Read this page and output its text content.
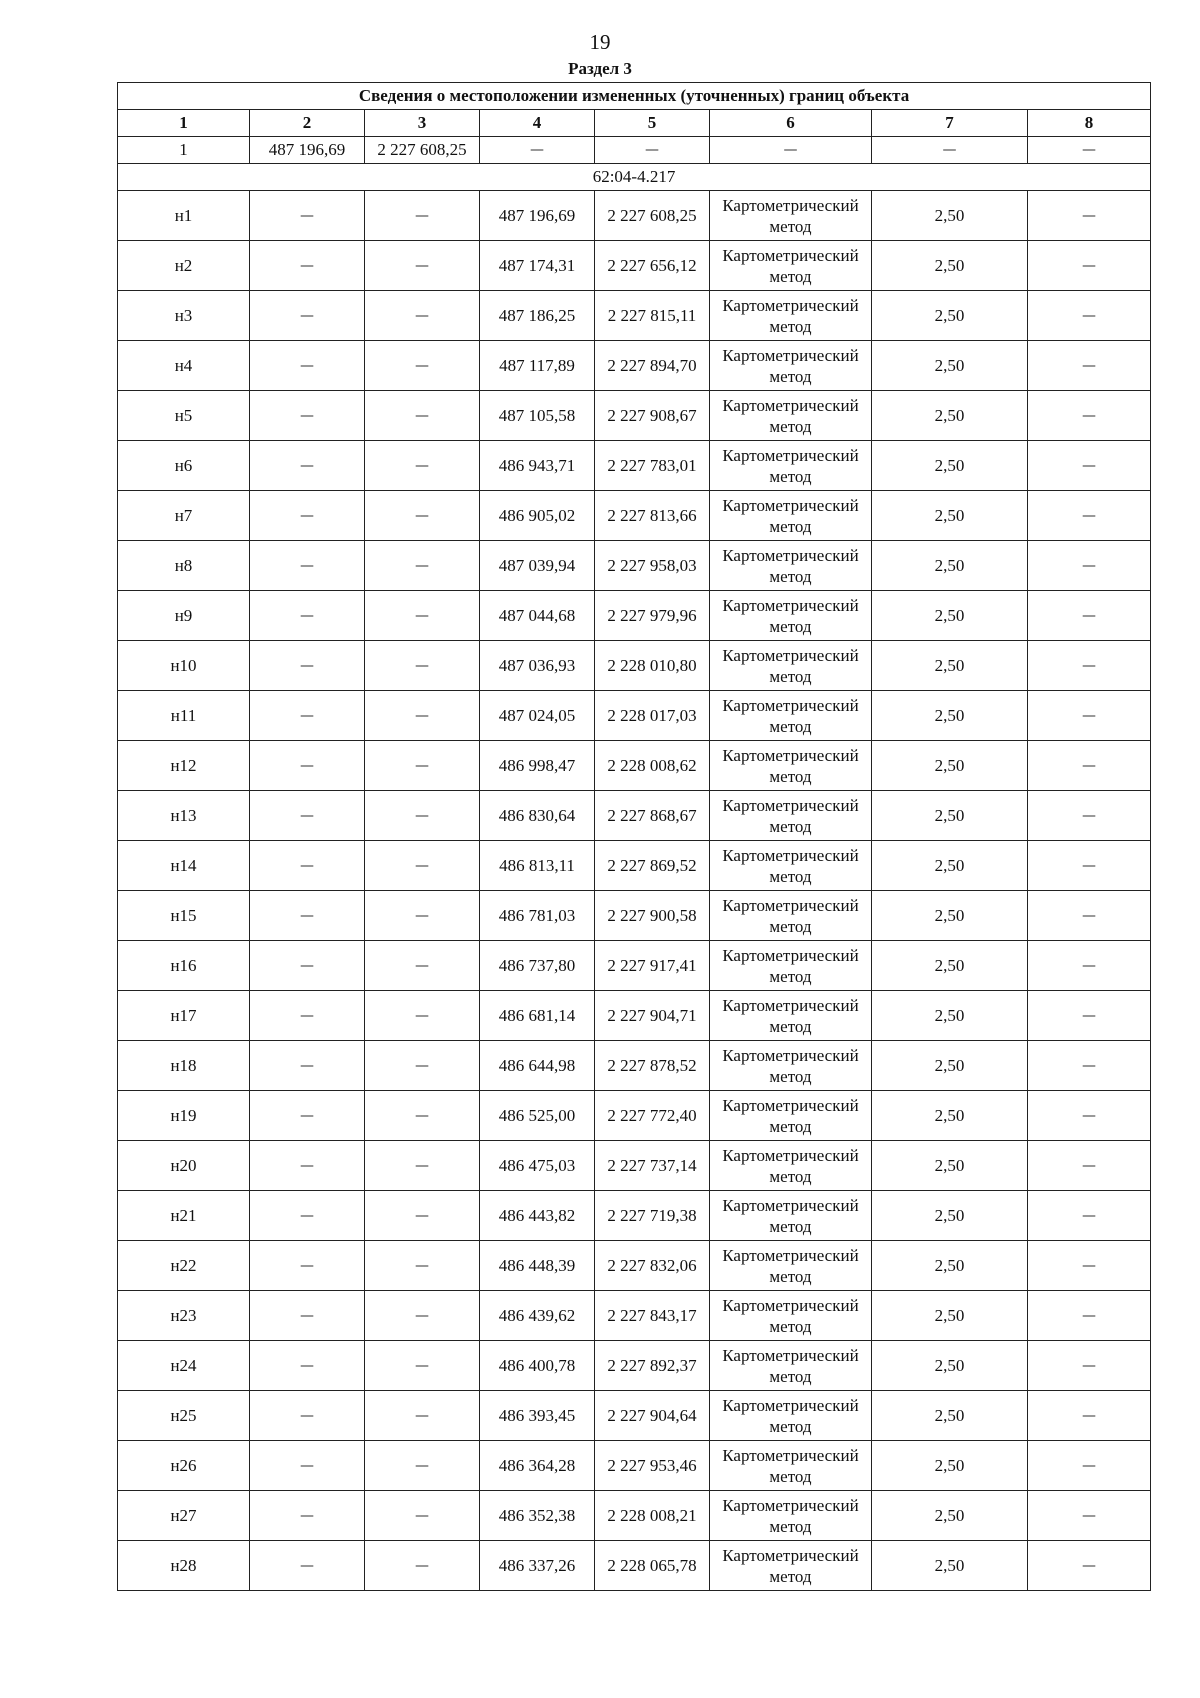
19
Раздел 3
Сведения о местоположении измененных (уточненных) границ объекта							
1	2	3	4	5	6	7	8
1	487 196,69	2 227 608,25	—	—	—	—	—
62:04-4.217							
н1	—	—	487 196,69	2 227 608,25	Картометрический метод	2,50	—
н2	—	—	487 174,31	2 227 656,12	Картометрический метод	2,50	—
н3	—	—	487 186,25	2 227 815,11	Картометрический метод	2,50	—
н4	—	—	487 117,89	2 227 894,70	Картометрический метод	2,50	—
н5	—	—	487 105,58	2 227 908,67	Картометрический метод	2,50	—
н6	—	—	486 943,71	2 227 783,01	Картометрический метод	2,50	—
н7	—	—	486 905,02	2 227 813,66	Картометрический метод	2,50	—
н8	—	—	487 039,94	2 227 958,03	Картометрический метод	2,50	—
н9	—	—	487 044,68	2 227 979,96	Картометрический метод	2,50	—
н10	—	—	487 036,93	2 228 010,80	Картометрический метод	2,50	—
н11	—	—	487 024,05	2 228 017,03	Картометрический метод	2,50	—
н12	—	—	486 998,47	2 228 008,62	Картометрический метод	2,50	—
н13	—	—	486 830,64	2 227 868,67	Картометрический метод	2,50	—
н14	—	—	486 813,11	2 227 869,52	Картометрический метод	2,50	—
н15	—	—	486 781,03	2 227 900,58	Картометрический метод	2,50	—
н16	—	—	486 737,80	2 227 917,41	Картометрический метод	2,50	—
н17	—	—	486 681,14	2 227 904,71	Картометрический метод	2,50	—
н18	—	—	486 644,98	2 227 878,52	Картометрический метод	2,50	—
н19	—	—	486 525,00	2 227 772,40	Картометрический метод	2,50	—
н20	—	—	486 475,03	2 227 737,14	Картометрический метод	2,50	—
н21	—	—	486 443,82	2 227 719,38	Картометрический метод	2,50	—
н22	—	—	486 448,39	2 227 832,06	Картометрический метод	2,50	—
н23	—	—	486 439,62	2 227 843,17	Картометрический метод	2,50	—
н24	—	—	486 400,78	2 227 892,37	Картометрический метод	2,50	—
н25	—	—	486 393,45	2 227 904,64	Картометрический метод	2,50	—
н26	—	—	486 364,28	2 227 953,46	Картометрический метод	2,50	—
н27	—	—	486 352,38	2 228 008,21	Картометрический метод	2,50	—
н28	—	—	486 337,26	2 228 065,78	Картометрический метод	2,50	—
